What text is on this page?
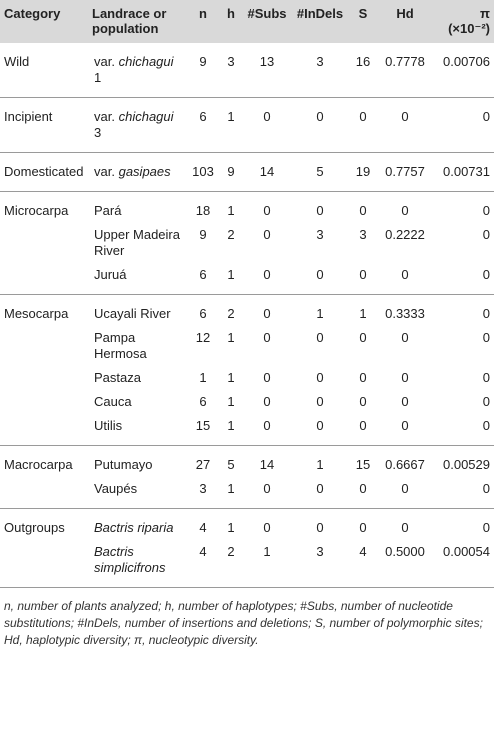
Category	Landrace or population	n	h	#Subs	#InDels	S	Hd	π
(×10⁻²)

Wild	var. chichagui 1	9	3	13	3	16	0.7778	0.00706
Incipient	var. chichagui 3	6	1	0	0	0	0	0
Domesticated	var. gasipaes	103	9	14	5	19	0.7757	0.00731
Microcarpa	Pará	18	1	0	0	0	0	0
	Upper Madeira River	9	2	0	3	3	0.2222	0
	Juruá	6	1	0	0	0	0	0
Mesocarpa	Ucayali River	6	2	0	1	1	0.3333	0
	Pampa Hermosa	12	1	0	0	0	0	0
	Pastaza	1	1	0	0	0	0	0
	Cauca	6	1	0	0	0	0	0
	Utilis	15	1	0	0	0	0	0
Macrocarpa	Putumayo	27	5	14	1	15	0.6667	0.00529
	Vaupés	3	1	0	0	0	0	0
Outgroups	Bactris riparia	4	1	0	0	0	0	0
	Bactris simplicifrons	4	2	1	3	4	0.5000	0.00054
n, number of plants analyzed; h, number of haplotypes; #Subs, number of nucleotide substitutions; #InDels, number of insertions and deletions; S, number of polymorphic sites; Hd, haplotypic diversity; π, nucleotypic diversity.
